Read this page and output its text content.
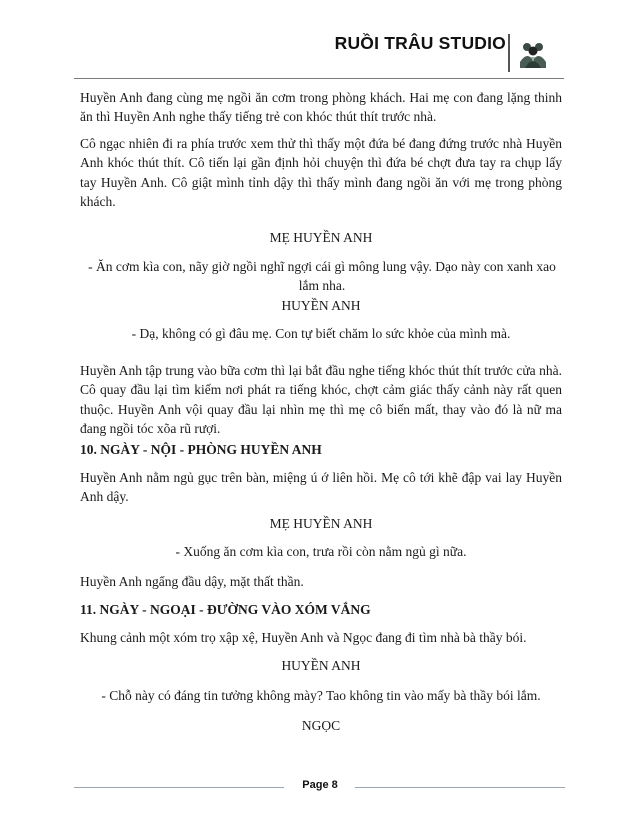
RUỒI TRÂU STUDIO

Huyền Anh đang cùng mẹ ngồi ăn cơm trong phòng khách. Hai mẹ con đang lặng thinh ăn thì Huyền Anh nghe thấy tiếng trẻ con khóc thút thít trước nhà.

Cô ngạc nhiên đi ra phía trước xem thử thì thấy một đứa bé đang đứng trước nhà Huyền Anh khóc thút thít. Cô tiến lại gần định hỏi chuyện thì đứa bé chợt đưa tay ra chụp lấy tay Huyền Anh. Cô giật mình tỉnh dậy thì thấy mình đang ngồi ăn với mẹ trong phòng khách.

MẸ HUYỀN ANH

- Ăn cơm kìa con, nãy giờ ngồi nghĩ ngợi cái gì mông lung vậy. Dạo này con xanh xao lắm nha.

HUYỀN ANH

- Dạ, không có gì đâu mẹ. Con tự biết chăm lo sức khỏe của mình mà.

Huyền Anh tập trung vào bữa cơm thì lại bắt đầu nghe tiếng khóc thút thít trước cửa nhà. Cô quay đầu lại tìm kiếm nơi phát ra tiếng khóc, chợt cảm giác thấy cảnh này rất quen thuộc. Huyền Anh vội quay đầu lại nhìn mẹ thì mẹ cô biến mất, thay vào đó là nữ ma đang ngồi tóc xõa rũ rượi.

10. NGÀY - NỘI - PHÒNG HUYỀN ANH

Huyền Anh nằm ngủ gục trên bàn, miệng ú ớ liên hồi. Mẹ cô tới khẽ đập vai lay Huyền Anh dậy.

MẸ HUYỀN ANH

- Xuống ăn cơm kìa con, trưa rồi còn nằm ngủ gì nữa.

Huyền Anh ngẩng đầu dậy, mặt thất thần.

11. NGÀY - NGOẠI - ĐƯỜNG VÀO XÓM VẮNG

Khung cảnh một xóm trọ xập xệ, Huyền Anh và Ngọc đang đi tìm nhà bà thầy bói.

HUYỀN ANH

- Chỗ này có đáng tin tưởng không mày? Tao không tin vào mấy bà thầy bói lắm.

NGỌC

Page 8
